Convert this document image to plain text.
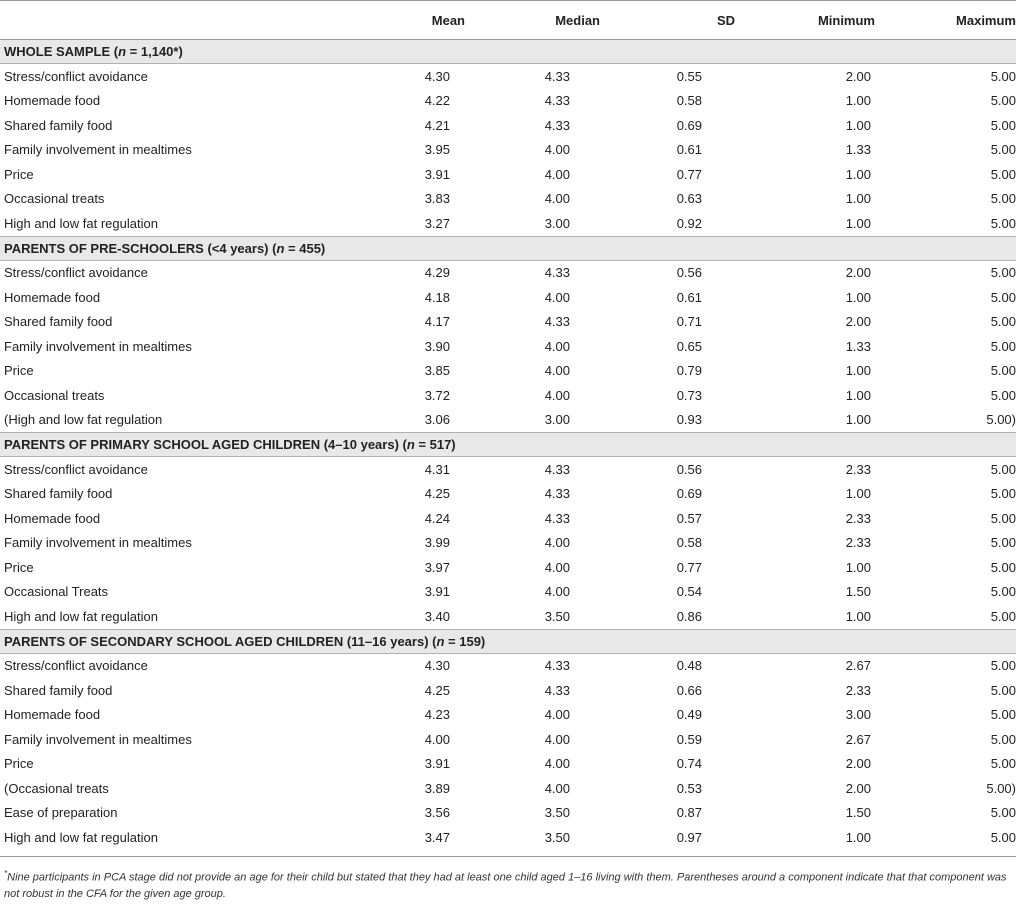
	Mean	Median	SD	Minimum	Maximum
WHOLE SAMPLE (n = 1,140*)					
Stress/conflict avoidance	4.30	4.33	0.55	2.00	5.00
Homemade food	4.22	4.33	0.58	1.00	5.00
Shared family food	4.21	4.33	0.69	1.00	5.00
Family involvement in mealtimes	3.95	4.00	0.61	1.33	5.00
Price	3.91	4.00	0.77	1.00	5.00
Occasional treats	3.83	4.00	0.63	1.00	5.00
High and low fat regulation	3.27	3.00	0.92	1.00	5.00
PARENTS OF PRE-SCHOOLERS (<4 years) (n = 455)					
Stress/conflict avoidance	4.29	4.33	0.56	2.00	5.00
Homemade food	4.18	4.00	0.61	1.00	5.00
Shared family food	4.17	4.33	0.71	2.00	5.00
Family involvement in mealtimes	3.90	4.00	0.65	1.33	5.00
Price	3.85	4.00	0.79	1.00	5.00
Occasional treats	3.72	4.00	0.73	1.00	5.00
(High and low fat regulation	3.06	3.00	0.93	1.00	5.00)
PARENTS OF PRIMARY SCHOOL AGED CHILDREN (4–10 years) (n = 517)					
Stress/conflict avoidance	4.31	4.33	0.56	2.33	5.00
Shared family food	4.25	4.33	0.69	1.00	5.00
Homemade food	4.24	4.33	0.57	2.33	5.00
Family involvement in mealtimes	3.99	4.00	0.58	2.33	5.00
Price	3.97	4.00	0.77	1.00	5.00
Occasional Treats	3.91	4.00	0.54	1.50	5.00
High and low fat regulation	3.40	3.50	0.86	1.00	5.00
PARENTS OF SECONDARY SCHOOL AGED CHILDREN (11–16 years) (n = 159)					
Stress/conflict avoidance	4.30	4.33	0.48	2.67	5.00
Shared family food	4.25	4.33	0.66	2.33	5.00
Homemade food	4.23	4.00	0.49	3.00	5.00
Family involvement in mealtimes	4.00	4.00	0.59	2.67	5.00
Price	3.91	4.00	0.74	2.00	5.00
(Occasional treats	3.89	4.00	0.53	2.00	5.00)
Ease of preparation	3.56	3.50	0.87	1.50	5.00
High and low fat regulation	3.47	3.50	0.97	1.00	5.00
*Nine participants in PCA stage did not provide an age for their child but stated that they had at least one child aged 1–16 living with them. Parentheses around a component indicate that that component was not robust in the CFA for the given age group.
